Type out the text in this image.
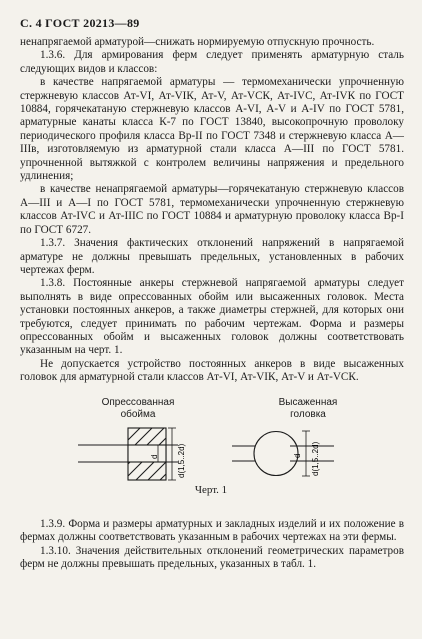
С. 4 ГОСТ 20213—89

ненапрягаемой арматурой—снижать нормируемую отпускную прочность.

1.3.6. Для армирования ферм следует применять арматурную сталь следующих видов и классов:

в качестве напрягаемой арматуры — термомеханически упрочненную стержневую классов Ат-VI, Ат-VIК, Ат-V, Ат-VCК, Ат-IVС, Ат-IVК по ГОСТ 10884, горячекатаную стержневую классов А-VI, А-V и А-IV по ГОСТ 5781, арматурные канаты класса К-7 по ГОСТ 13840, высокопрочную проволоку периодического профиля класса Вр-II по ГОСТ 7348 и стержневую класса А—IIIв, изготовляемую из арматурной стали класса А—III по ГОСТ 5781. упрочненной вытяжкой с контролем величины напряжения и предельного удлинения;

в качестве ненапрягаемой арматуры—горячекатаную стержневую классов А—III и А—I по ГОСТ 5781, термомеханически упрочненную стержневую классов Ат-IVС и Ат-IIIС по ГОСТ 10884 и арматурную проволоку класса Вр-I по ГОСТ 6727.

1.3.7. Значения фактических отклонений напряжений в напрягаемой арматуре не должны превышать предельных, установленных в рабочих чертежах ферм.

1.3.8. Постоянные анкеры стержневой напрягаемой арматуры следует выполнять в виде опрессованных обойм или высаженных головок. Места установки постоянных анкеров, а также диаметры стержней, для которых они требуются, следует принимать по рабочим чертежам. Форма и размеры опрессованных обойм и высаженных головок должны соответствовать указанным на черт. 1.

Не допускается устройство постоянных анкеров в виде высаженных головок для арматурной стали классов Ат-VI, Ат-VIК, Ат-V и Ат-VCК.

Опрессованная обойма
Высаженная головка
d d(1,5..2d)	d d(1,5..2d)
Черт. 1

1.3.9. Форма и размеры арматурных и закладных изделий и их положение в фермах должны соответствовать указанным в рабочих чертежах на эти фермы.

1.3.10. Значения действительных отклонений геометрических параметров ферм не должны превышать предельных, указанных в табл. 1.
